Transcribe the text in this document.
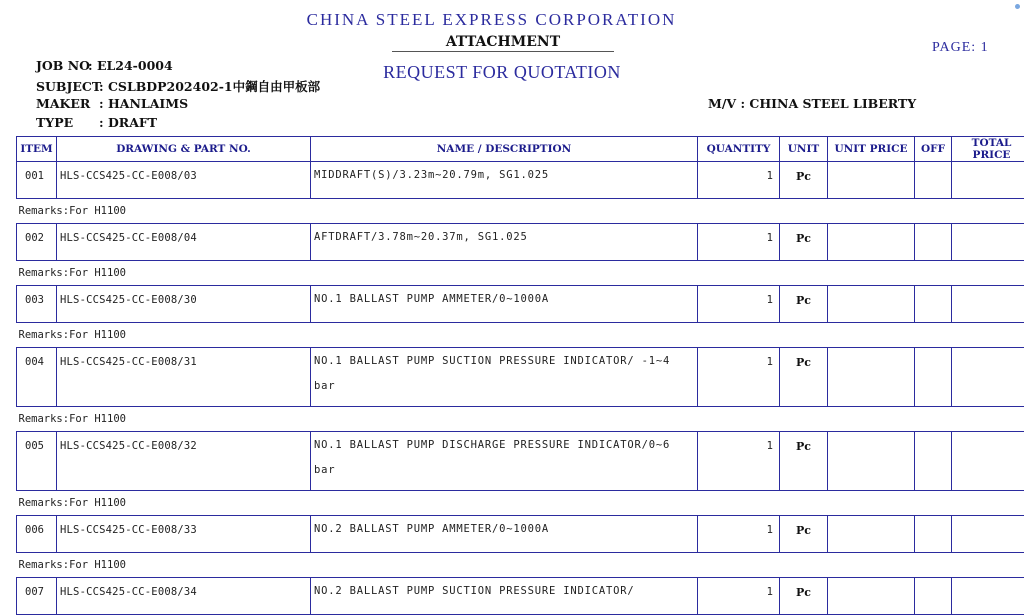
CHINA STEEL EXPRESS CORPORATION
ATTACHMENT
REQUEST FOR QUOTATION
PAGE: 1
JOB NO: EL24-0004
SUBJECT: CSLBDP202402-1中鋼自由甲板部
MAKER : HANLAIMS
TYPE : DRAFT
M/V : CHINA STEEL LIBERTY
ITEM	DRAWING & PART NO.	NAME / DESCRIPTION	QUANTITY	UNIT	UNIT PRICE	OFF	TOTAL PRICE
001	HLS-CCS425-CC-E008/03	MIDDRAFT(S)/3.23m~20.79m, SG1.025	1	Pc			
Remarks:For H1100							
002	HLS-CCS425-CC-E008/04	AFTDRAFT/3.78m~20.37m, SG1.025	1	Pc			
Remarks:For H1100							
003	HLS-CCS425-CC-E008/30	NO.1 BALLAST PUMP AMMETER/0~1000A	1	Pc			
Remarks:For H1100							
004	HLS-CCS425-CC-E008/31	NO.1 BALLAST PUMP SUCTION PRESSURE INDICATOR/ -1~4 bar	1	Pc			
Remarks:For H1100							
005	HLS-CCS425-CC-E008/32	NO.1 BALLAST PUMP DISCHARGE PRESSURE INDICATOR/0~6 bar	1	Pc			
Remarks:For H1100							
006	HLS-CCS425-CC-E008/33	NO.2 BALLAST PUMP AMMETER/0~1000A	1	Pc			
Remarks:For H1100							
007	HLS-CCS425-CC-E008/34	NO.2 BALLAST PUMP SUCTION PRESSURE INDICATOR/	1	Pc			
